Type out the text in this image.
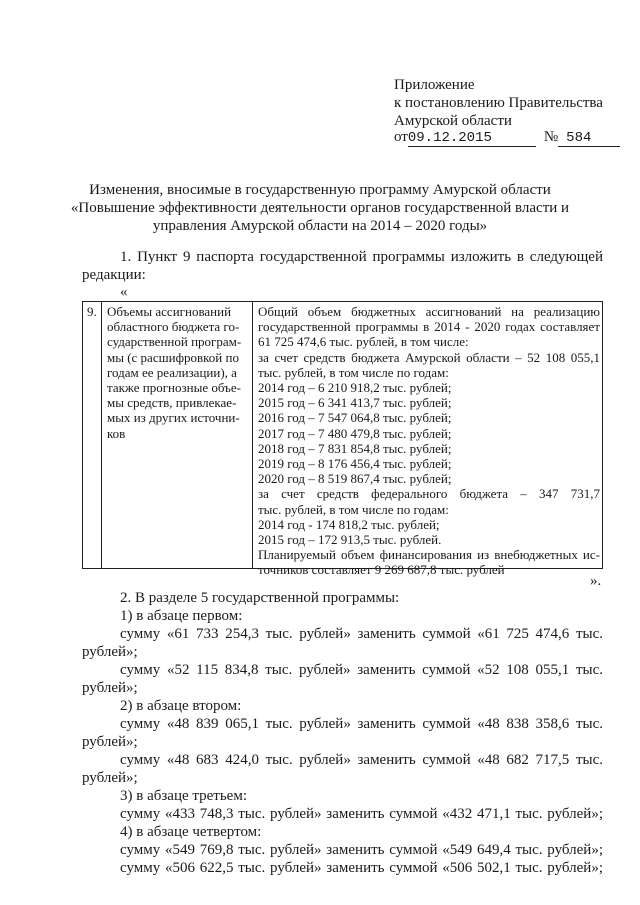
Приложение
к постановлению Правительства
Амурской области
от09.12.2015	№ 584
Изменения, вносимые в государственную программу Амурской области
«Повышение эффективности деятельности органов государственной власти и
управления Амурской области на 2014 – 2020 годы»
1. Пункт 9 паспорта государственной программы изложить в следующей
редакции:
«
9. Объемы ассигнований
областного бюджета го-
сударственной програм-
мы (с расшифровкой по
годам ее реализации), а
также прогнозные объе-
мы средств, привлекае-
мых из других источни-
ков
Общий объем бюджетных ассигнований на реализацию
государственной программы в 2014 - 2020 годах составляет
61 725 474,6 тыс. рублей, в том числе:
за счет средств бюджета Амурской области – 52 108 055,1
тыс. рублей, в том числе по годам:
2014 год – 6 210 918,2 тыс. рублей;
2015 год – 6 341 413,7 тыс. рублей;
2016 год – 7 547 064,8 тыс. рублей;
2017 год – 7 480 479,8 тыс. рублей;
2018 год – 7 831 854,8 тыс. рублей;
2019 год – 8 176 456,4 тыс. рублей;
2020 год – 8 519 867,4 тыс. рублей;
за счет средств федерального бюджета – 347 731,7
тыс. рублей, в том числе по годам:
2014 год - 174 818,2 тыс. рублей;
2015 год – 172 913,5 тыс. рублей.
Планируемый объем финансирования из внебюджетных ис-
точников составляет 9 269 687,8 тыс. рублей
».
2. В разделе 5 государственной программы:
1) в абзаце первом:
сумму «61 733 254,3 тыс. рублей» заменить суммой «61 725 474,6 тыс.
рублей»;
сумму «52 115 834,8 тыс. рублей» заменить суммой «52 108 055,1 тыс.
рублей»;
2) в абзаце втором:
сумму «48 839 065,1 тыс. рублей» заменить суммой «48 838 358,6 тыс.
рублей»;
сумму «48 683 424,0 тыс. рублей» заменить суммой «48 682 717,5 тыс.
рублей»;
3) в абзаце третьем:
сумму «433 748,3 тыс. рублей» заменить суммой «432 471,1 тыс. рублей»;
4) в абзаце четвертом:
сумму «549 769,8 тыс. рублей» заменить суммой «549 649,4 тыс. рублей»;
сумму «506 622,5 тыс. рублей» заменить суммой «506 502,1 тыс. рублей»;
